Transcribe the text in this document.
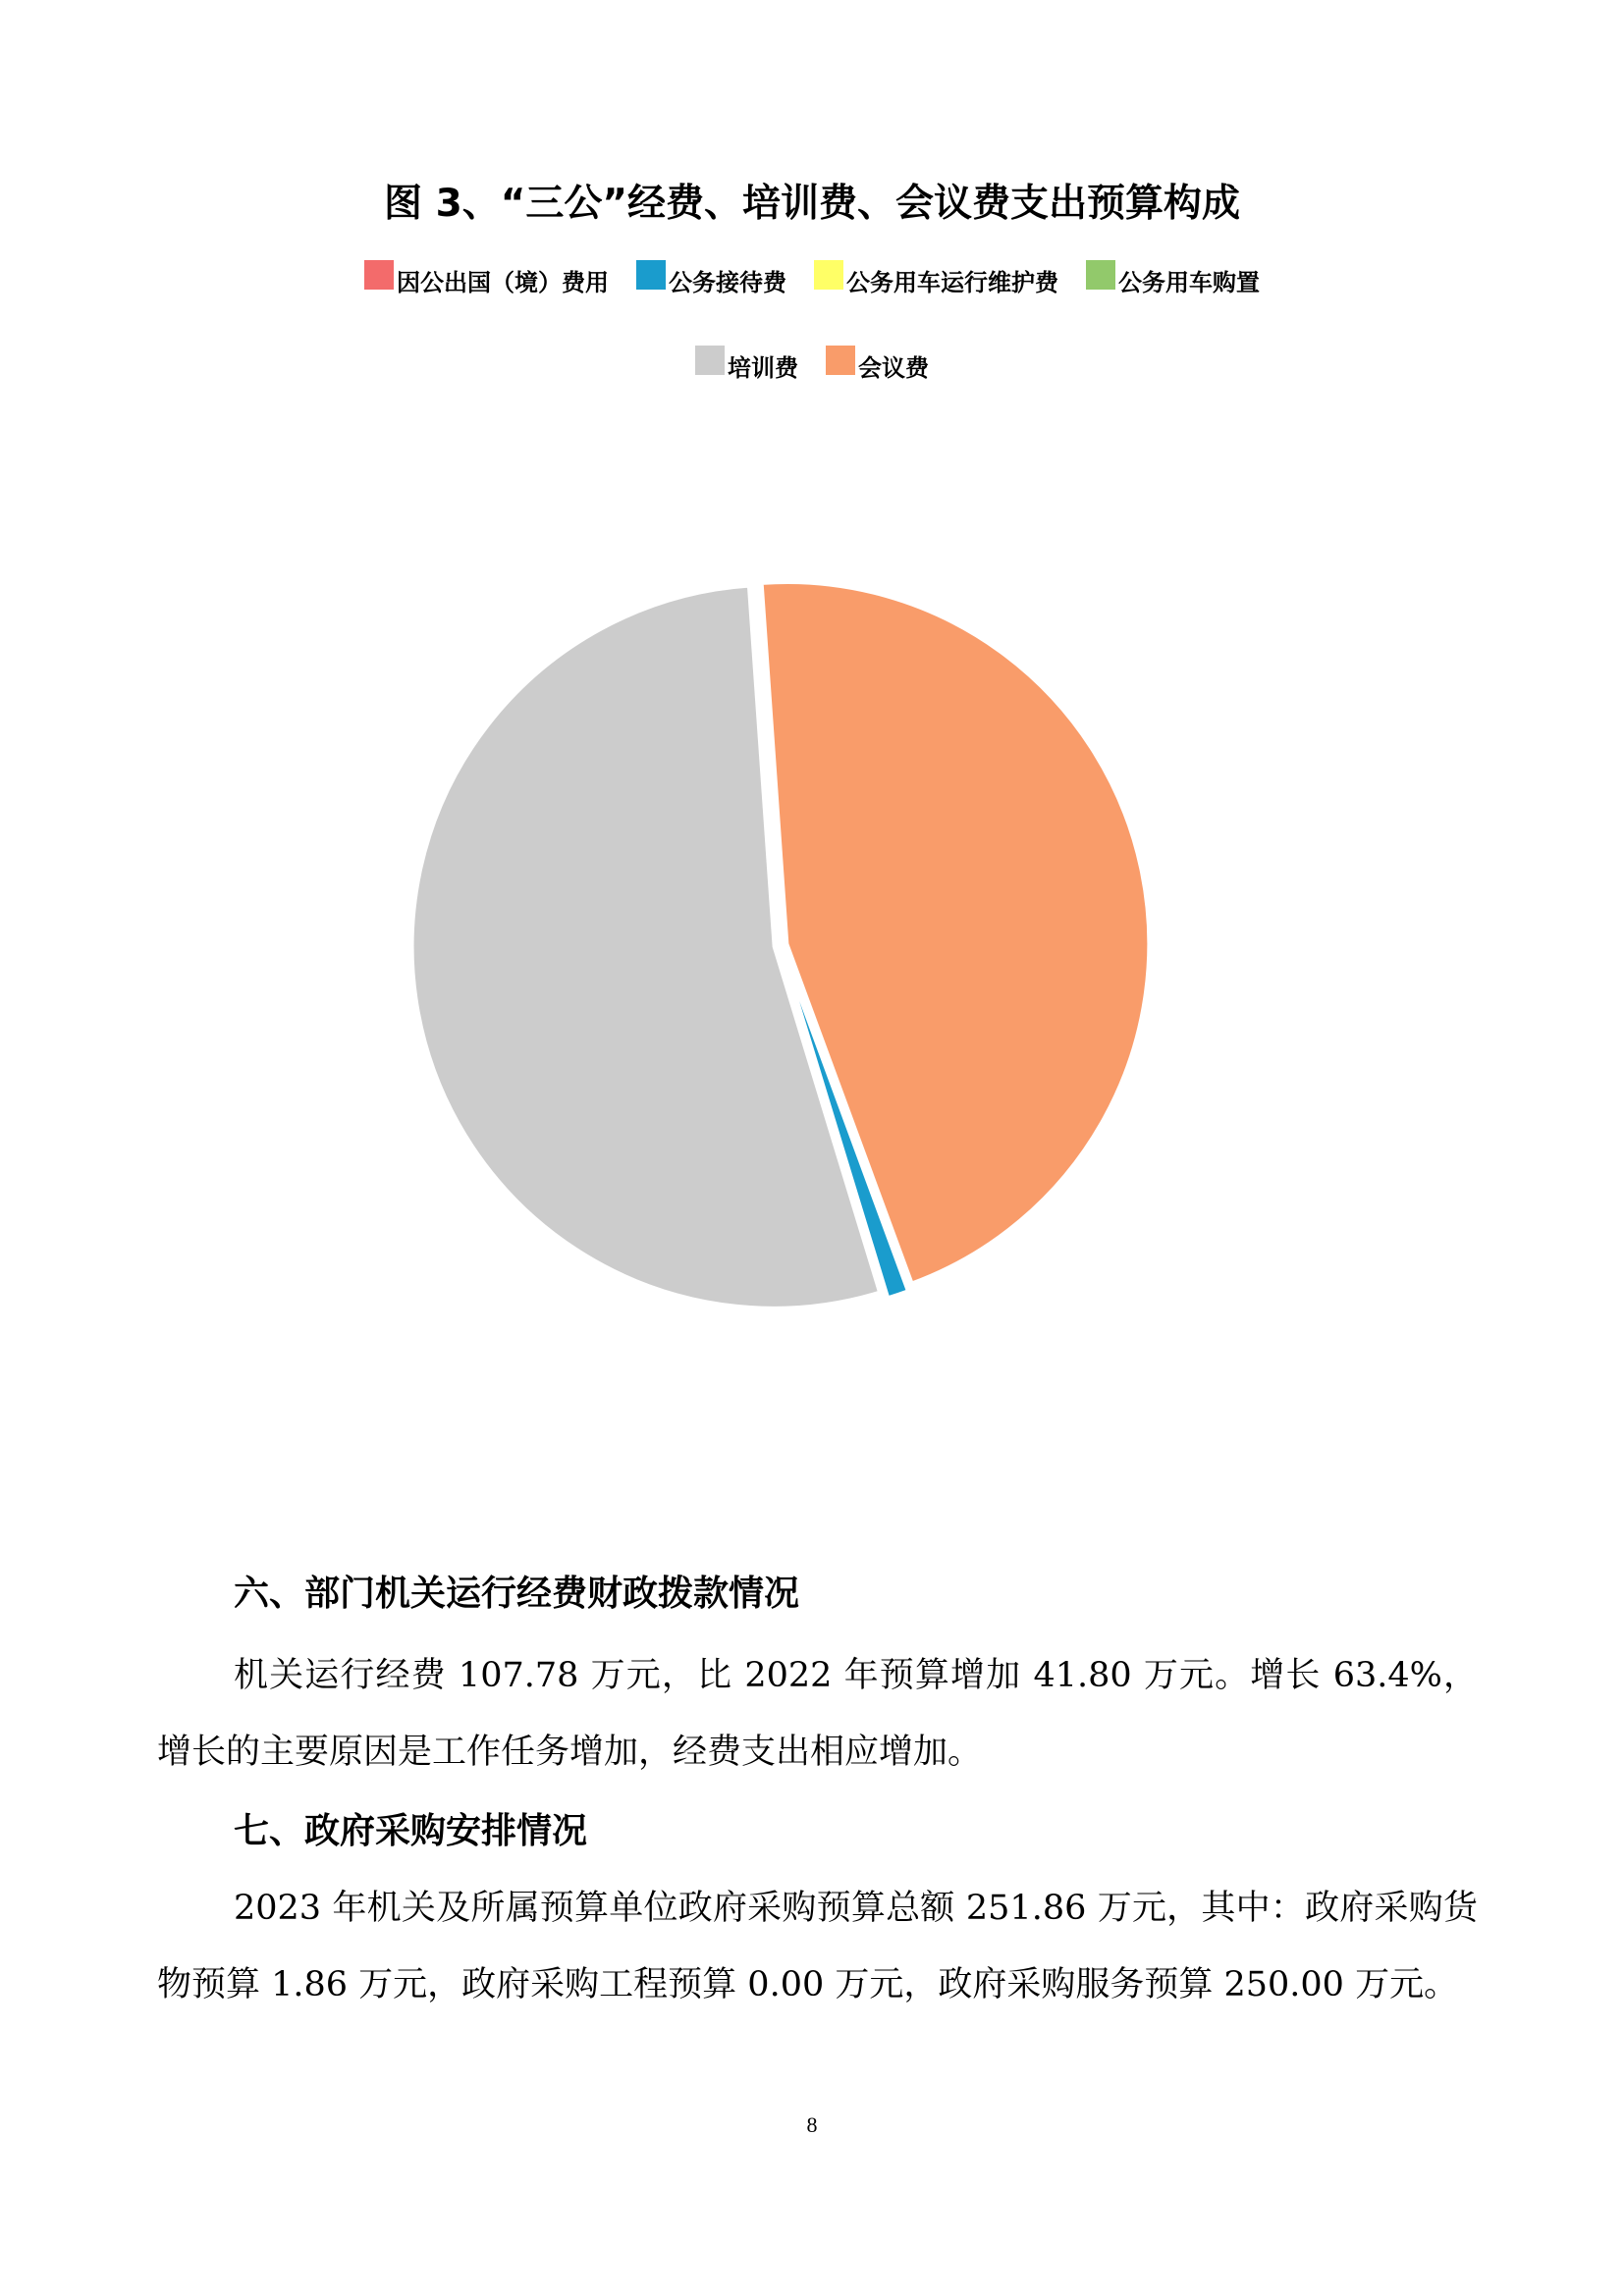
图 3、“三公”经费、培训费、会议费支出预算构成
因公出国（境）费用	公务接待费	公务用车运行维护费	公务用车购置
培训费	会议费
六、部门机关运行经费财政拨款情况
机关运行经费 107.78 万元，比 2022 年预算增加 41.80 万元。增长 63.4%，增长的主要原因是工作任务增加，经费支出相应增加。
七、政府采购安排情况
2023 年机关及所属预算单位政府采购预算总额 251.86 万元，其中：政府采购货物预算 1.86 万元，政府采购工程预算 0.00 万元，政府采购服务预算 250.00 万元。
8
